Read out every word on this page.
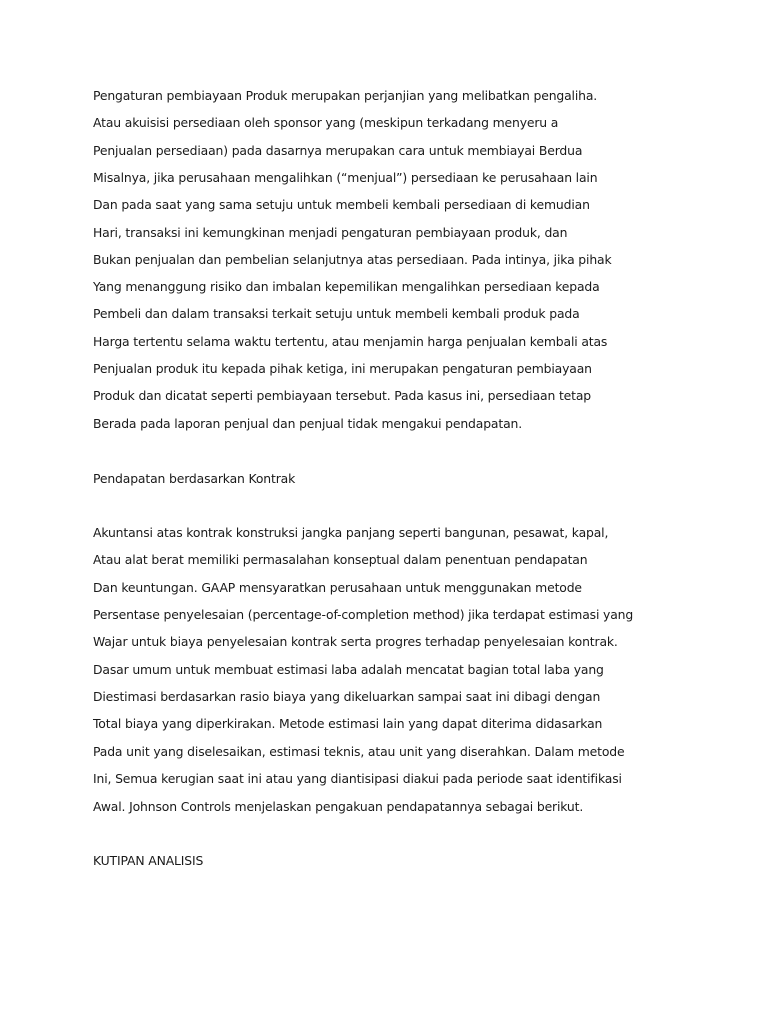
Pengaturan pembiayaan Produk merupakan perjanjian yang melibatkan pengaliha.

Atau akuisisi persediaan oleh sponsor yang (meskipun terkadang menyeru a

Penjualan persediaan) pada dasarnya merupakan cara untuk membiayai Berdua

Misalnya, jika perusahaan mengalihkan (“menjual”) persediaan ke perusahaan lain

Dan pada saat yang sama setuju untuk membeli kembali persediaan di kemudian

Hari, transaksi ini kemungkinan menjadi pengaturan pembiayaan produk, dan

Bukan penjualan dan pembelian selanjutnya atas persediaan. Pada intinya, jika pihak

Yang menanggung risiko dan imbalan kepemilikan mengalihkan persediaan kepada

Pembeli dan dalam transaksi terkait setuju untuk membeli kembali produk pada

Harga tertentu selama waktu tertentu, atau menjamin harga penjualan kembali atas

Penjualan produk itu kepada pihak ketiga, ini merupakan pengaturan pembiayaan

Produk dan dicatat seperti pembiayaan tersebut. Pada kasus ini, persediaan tetap

Berada pada laporan penjual dan penjual tidak mengakui pendapatan.

Pendapatan berdasarkan Kontrak

Akuntansi atas kontrak konstruksi jangka panjang seperti bangunan, pesawat, kapal,

Atau alat berat memiliki permasalahan konseptual dalam penentuan pendapatan

Dan keuntungan. GAAP mensyaratkan perusahaan untuk menggunakan metode

Persentase penyelesaian (percentage-of-completion method) jika terdapat estimasi yang

Wajar untuk biaya penyelesaian kontrak serta progres terhadap penyelesaian kontrak.

Dasar umum untuk membuat estimasi laba adalah mencatat bagian total laba yang

Diestimasi berdasarkan rasio biaya yang dikeluarkan sampai saat ini dibagi dengan

Total biaya yang diperkirakan. Metode estimasi lain yang dapat diterima didasarkan

Pada unit yang diselesaikan, estimasi teknis, atau unit yang diserahkan. Dalam metode

Ini, Semua kerugian saat ini atau yang diantisipasi diakui pada periode saat identifikasi

Awal. Johnson Controls menjelaskan pengakuan pendapatannya sebagai berikut.

KUTIPAN ANALISIS
